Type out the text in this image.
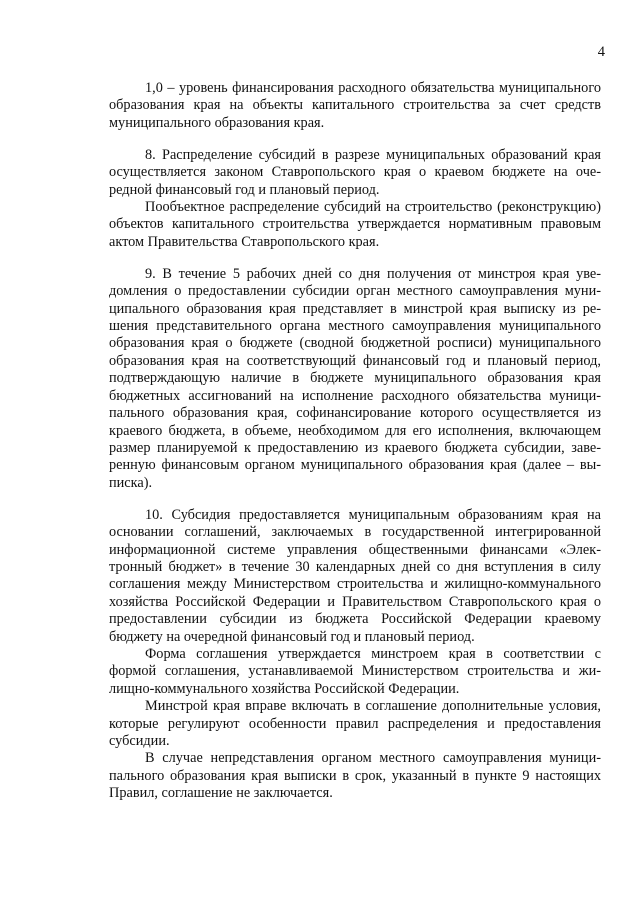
4

1,0 – уровень финансирования расходного обязательства муниципального образования края на объекты капитального строительства за счет средств муниципального образования края.

8. Распределение субсидий в разрезе муниципальных образований края осуществляется законом Ставропольского края о краевом бюджете на очередной финансовый год и плановый период.

Пообъектное распределение субсидий на строительство (реконструкцию) объектов капитального строительства утверждается нормативным правовым актом Правительства Ставропольского края.

9. В течение 5 рабочих дней со дня получения от минстроя края уведомления о предоставлении субсидии орган местного самоуправления муниципального образования края представляет в минстрой края выписку из решения представительного органа местного самоуправления муниципального образования края о бюджете (сводной бюджетной росписи) муниципального образования края на соответствующий финансовый год и плановый период, подтверждающую наличие в бюджете муниципального образования края бюджетных ассигнований на исполнение расходного обязательства муниципального образования края, софинансирование которого осуществляется из краевого бюджета, в объеме, необходимом для его исполнения, включающем размер планируемой к предоставлению из краевого бюджета субсидии, заверенную финансовым органом муниципального образования края (далее – выписка).

10. Субсидия предоставляется муниципальным образованиям края на основании соглашений, заключаемых в государственной интегрированной информационной системе управления общественными финансами «Электронный бюджет» в течение 30 календарных дней со дня вступления в силу соглашения между Министерством строительства и жилищно-коммунального хозяйства Российской Федерации и Правительством Ставропольского края о предоставлении субсидии из бюджета Российской Федерации краевому бюджету на очередной финансовый год и плановый период.

Форма соглашения утверждается минстроем края в соответствии с формой соглашения, устанавливаемой Министерством строительства и жилищно-коммунального хозяйства Российской Федерации.

Минстрой края вправе включать в соглашение дополнительные условия, которые регулируют особенности правил распределения и предоставления субсидии.

В случае непредставления органом местного самоуправления муниципального образования края выписки в срок, указанный в пункте 9 настоящих Правил, соглашение не заключается.
